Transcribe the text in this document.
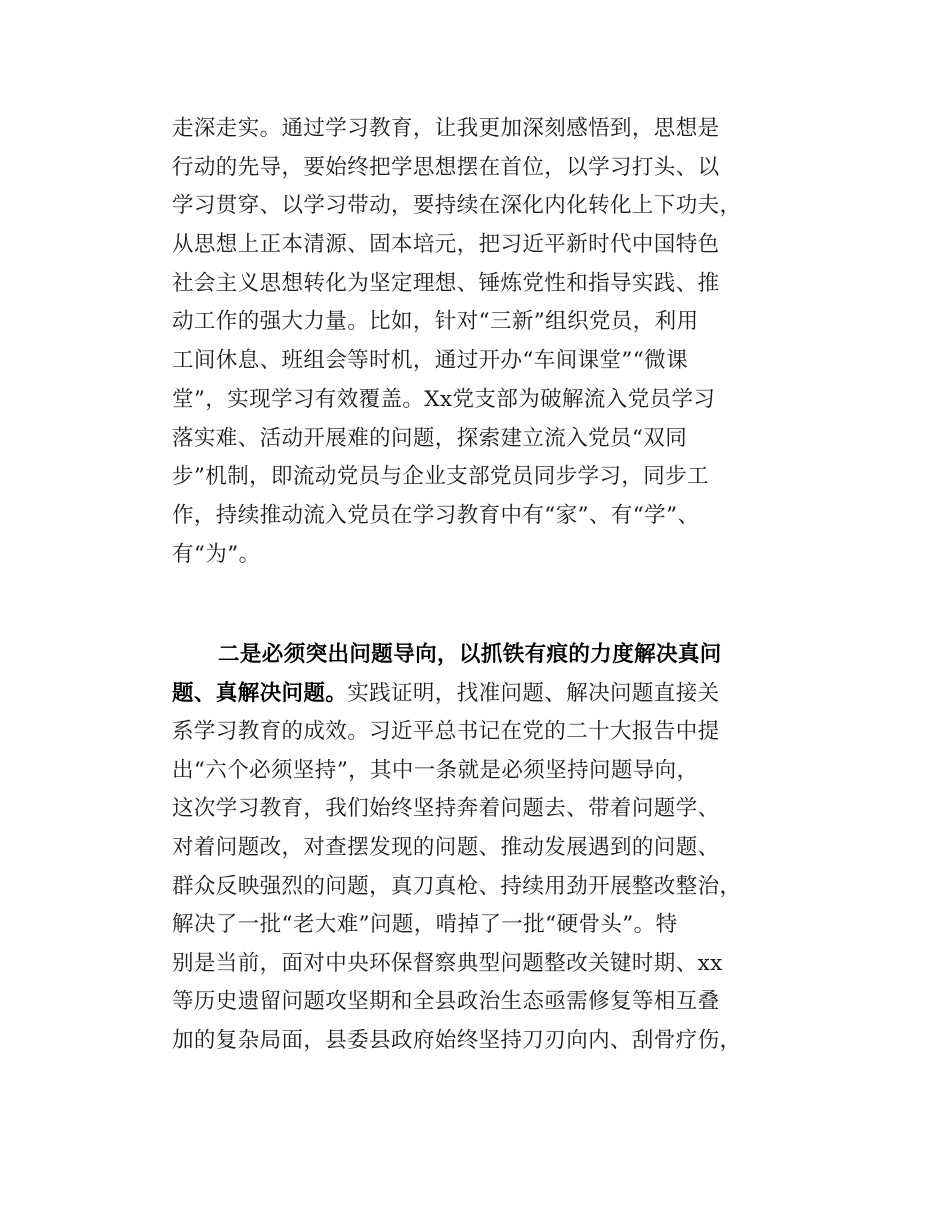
走深走实。通过学习教育，让我更加深刻感悟到，思想是
行动的先导，要始终把学思想摆在首位，以学习打头、以
学习贯穿、以学习带动，要持续在深化内化转化上下功夫，
从思想上正本清源、固本培元，把习近平新时代中国特色
社会主义思想转化为坚定理想、锤炼党性和指导实践、推
动工作的强大力量。比如，针对“三新”组织党员，利用
工间休息、班组会等时机，通过开办“车间课堂”“微课
堂”，实现学习有效覆盖。Xx党支部为破解流入党员学习
落实难、活动开展难的问题，探索建立流入党员“双同
步”机制，即流动党员与企业支部党员同步学习，同步工
作，持续推动流入党员在学习教育中有“家”、有“学”、
有“为”。
二是必须突出问题导向，以抓铁有痕的力度解决真问
题、真解决问题。实践证明，找准问题、解决问题直接关
系学习教育的成效。习近平总书记在党的二十大报告中提
出“六个必须坚持”，其中一条就是必须坚持问题导向，
这次学习教育，我们始终坚持奔着问题去、带着问题学、
对着问题改，对查摆发现的问题、推动发展遇到的问题、
群众反映强烈的问题，真刀真枪、持续用劲开展整改整治，
解决了一批“老大难”问题，啃掉了一批“硬骨头”。特
别是当前，面对中央环保督察典型问题整改关键时期、xx
等历史遗留问题攻坚期和全县政治生态亟需修复等相互叠
加的复杂局面，县委县政府始终坚持刀刃向内、刮骨疗伤，
